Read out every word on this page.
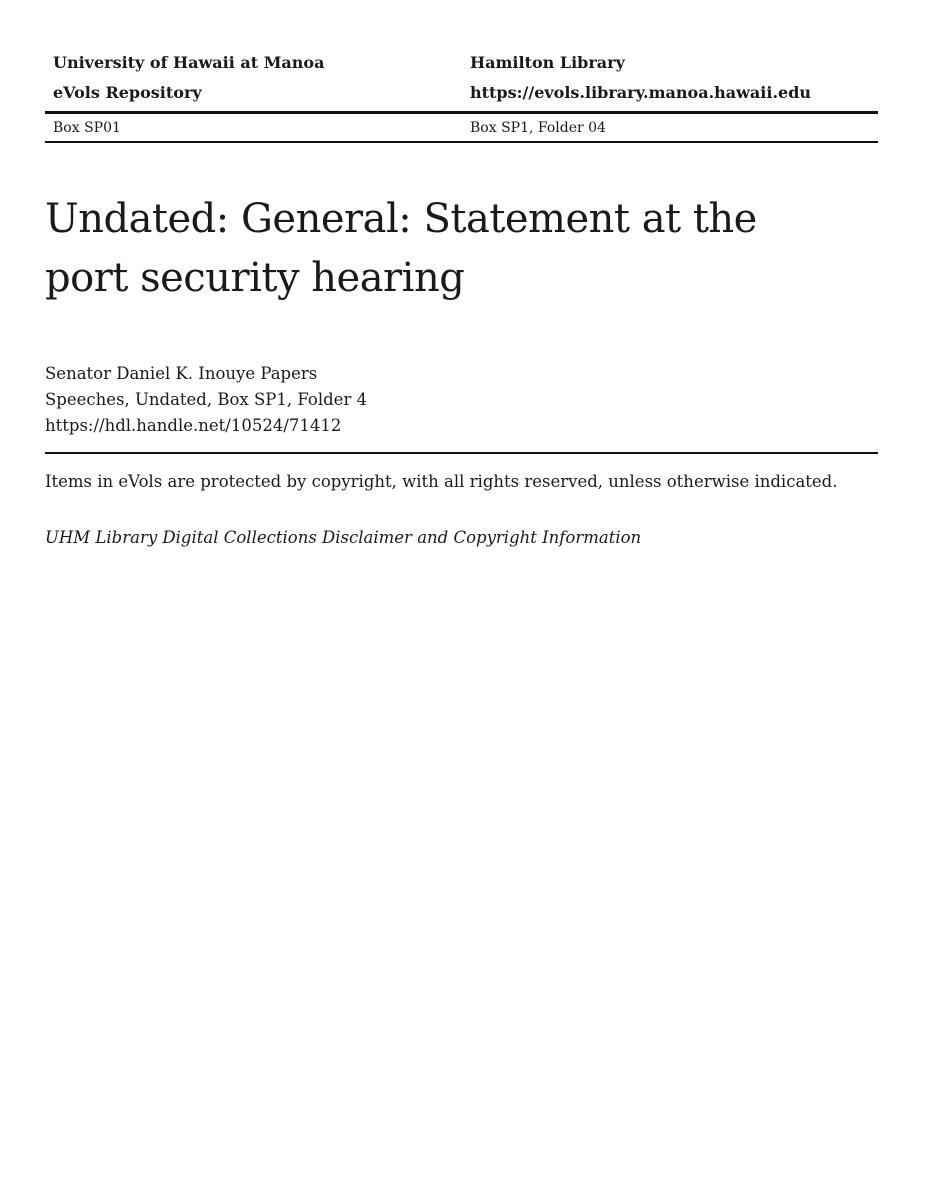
University of Hawaii at Manoa
eVols Repository
Hamilton Library
https://evols.library.manoa.hawaii.edu
Box SP01	Box SP1, Folder 04
Undated: General: Statement at the
port security hearing
Senator Daniel K. Inouye Papers
Speeches, Undated, Box SP1, Folder 4
https://hdl.handle.net/10524/71412
Items in eVols are protected by copyright, with all rights reserved, unless otherwise indicated.
UHM Library Digital Collections Disclaimer and Copyright Information
